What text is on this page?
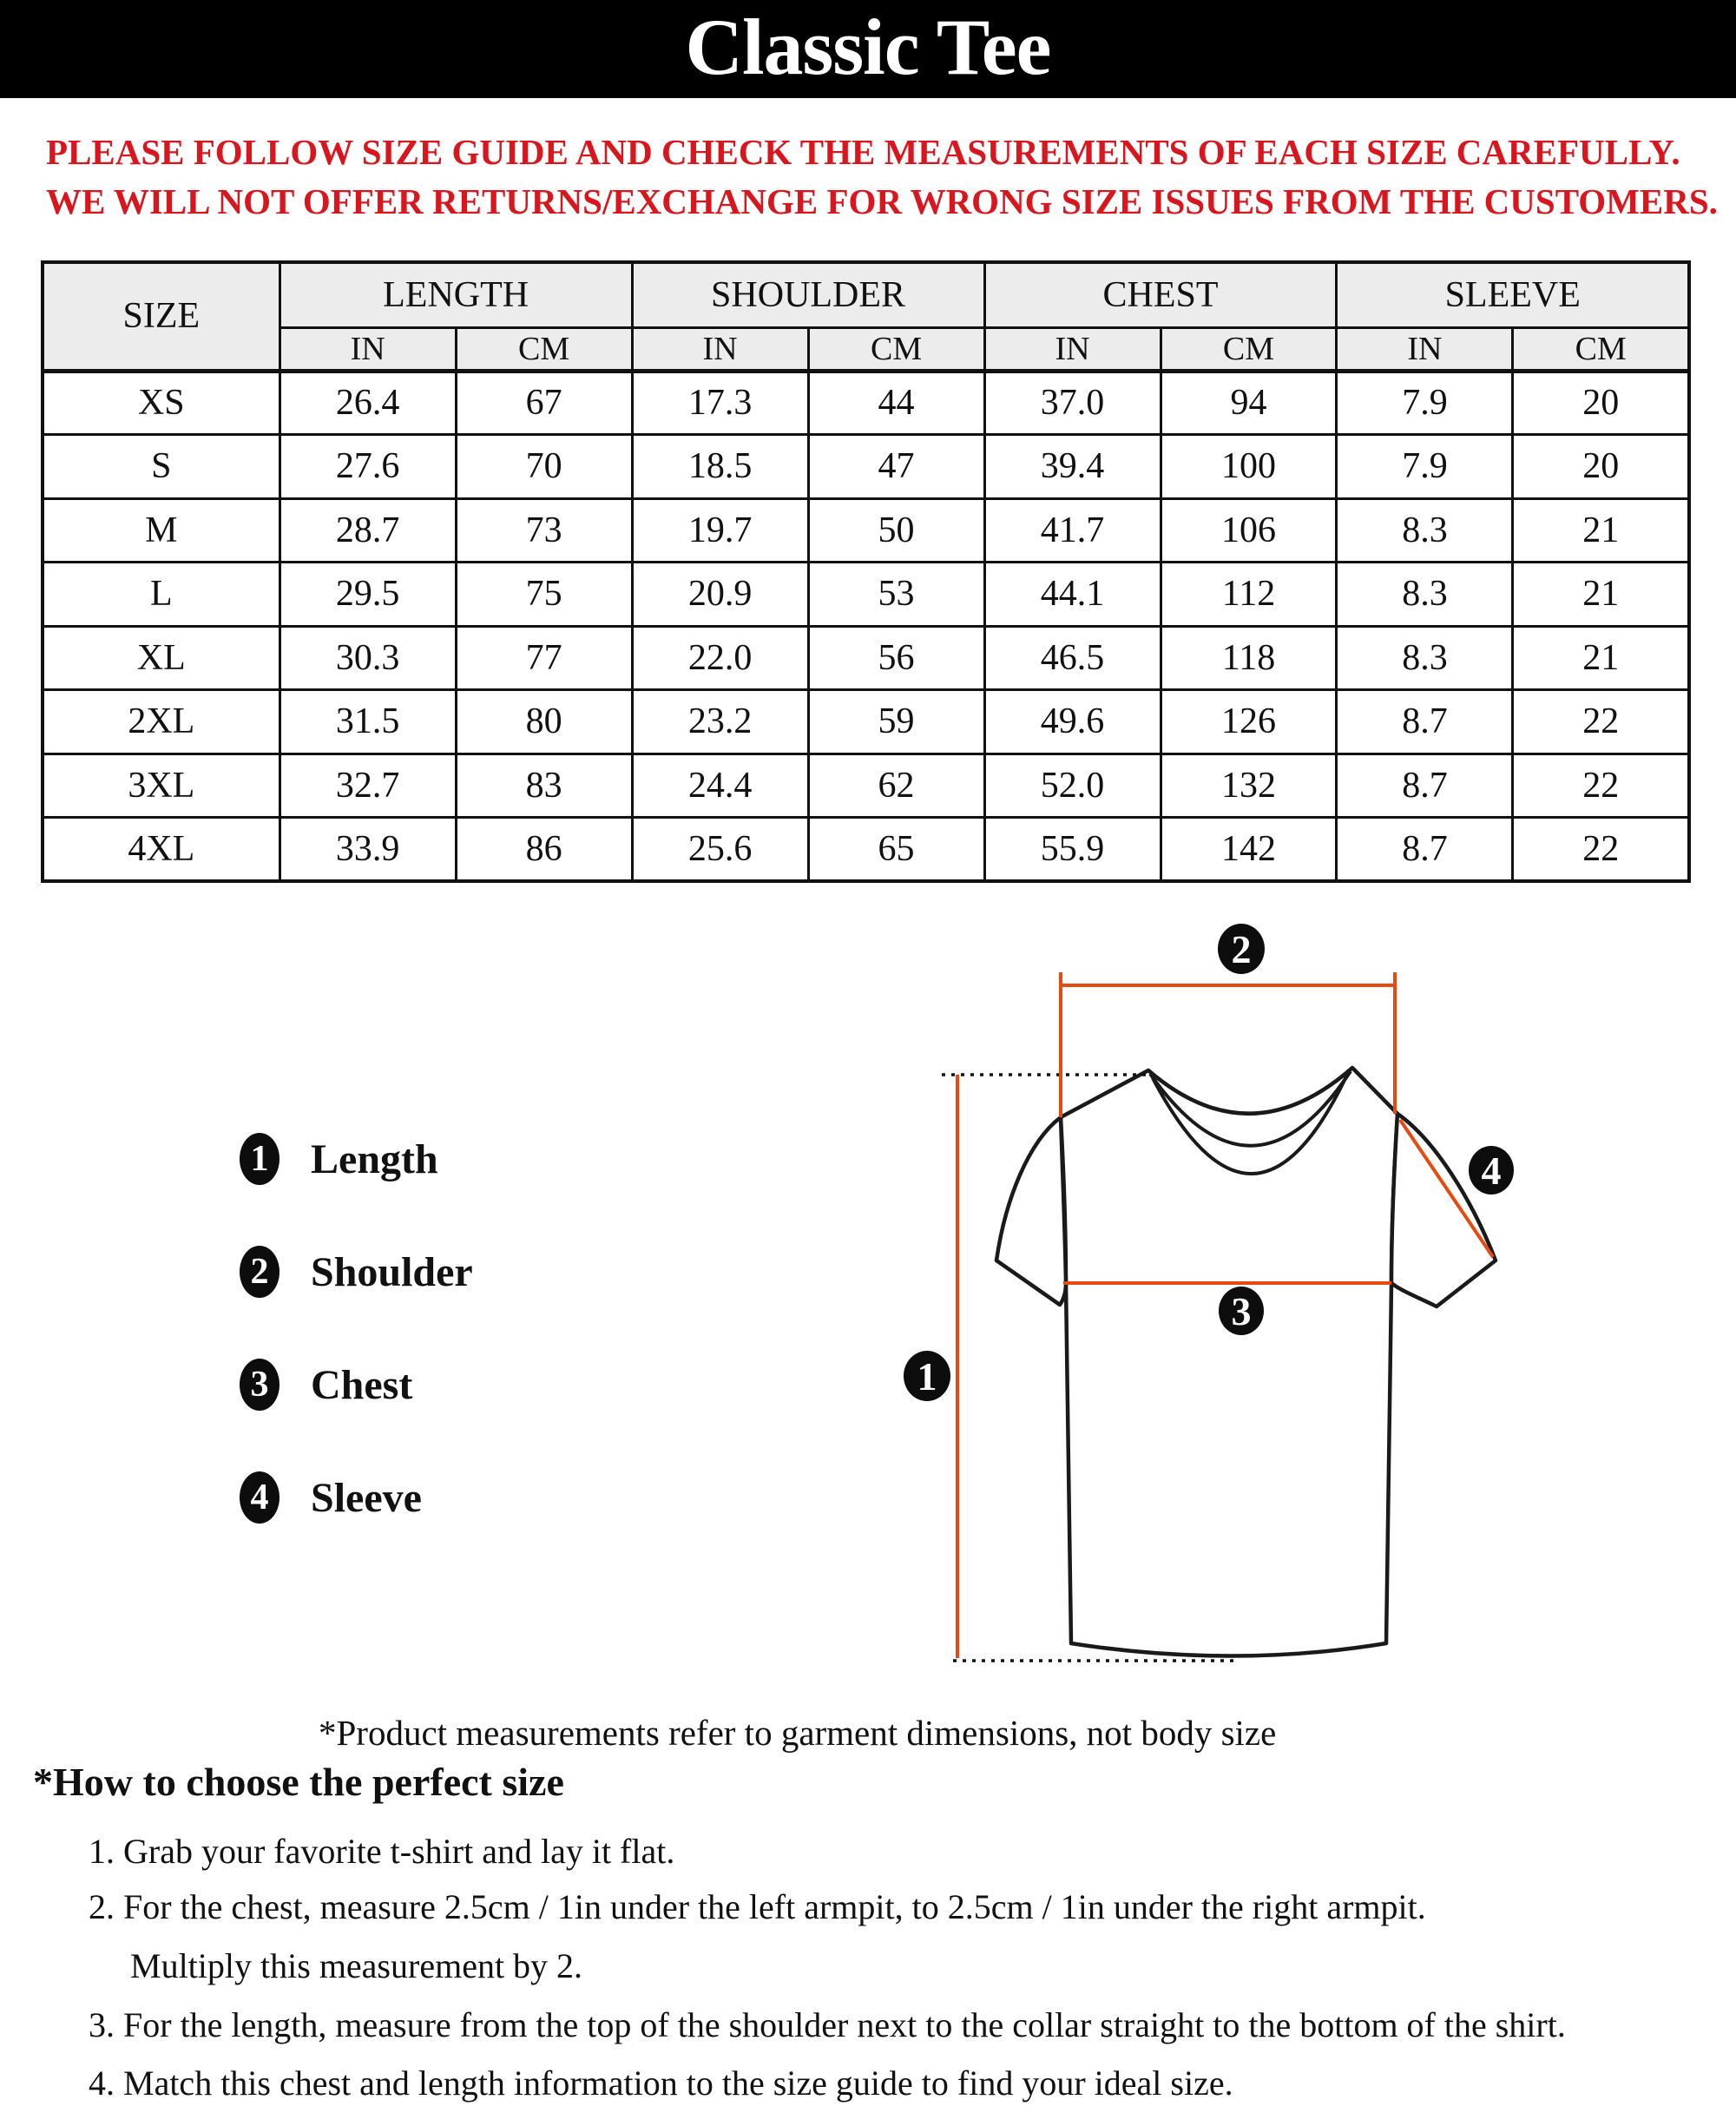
Classic Tee
PLEASE FOLLOW SIZE GUIDE AND CHECK THE MEASUREMENTS OF EACH SIZE CAREFULLY.
WE WILL NOT OFFER RETURNS/EXCHANGE FOR WRONG SIZE ISSUES FROM THE CUSTOMERS.
SIZE	LENGTH		SHOULDER		CHEST		SLEEVE	
	IN	CM	IN	CM	IN	CM	IN	CM
XS	26.4	67	17.3	44	37.0	94	7.9	20
S	27.6	70	18.5	47	39.4	100	7.9	20
M	28.7	73	19.7	50	41.7	106	8.3	21
L	29.5	75	20.9	53	44.1	112	8.3	21
XL	30.3	77	22.0	56	46.5	118	8.3	21
2XL	31.5	80	23.2	59	49.6	126	8.7	22
3XL	32.7	83	24.4	62	52.0	132	8.7	22
4XL	33.9	86	25.6	65	55.9	142	8.7	22
1 Length
2 Shoulder
3 Chest
4 Sleeve
1
2
3
4
*Product measurements refer to garment dimensions, not body size
*How to choose the perfect size
1. Grab your favorite t-shirt and lay it flat.
2. For the chest, measure 2.5cm / 1in under the left armpit, to 2.5cm / 1in under the right armpit.
Multiply this measurement by 2.
3. For the length, measure from the top of the shoulder next to the collar straight to the bottom of the shirt.
4. Match this chest and length information to the size guide to find your ideal size.
